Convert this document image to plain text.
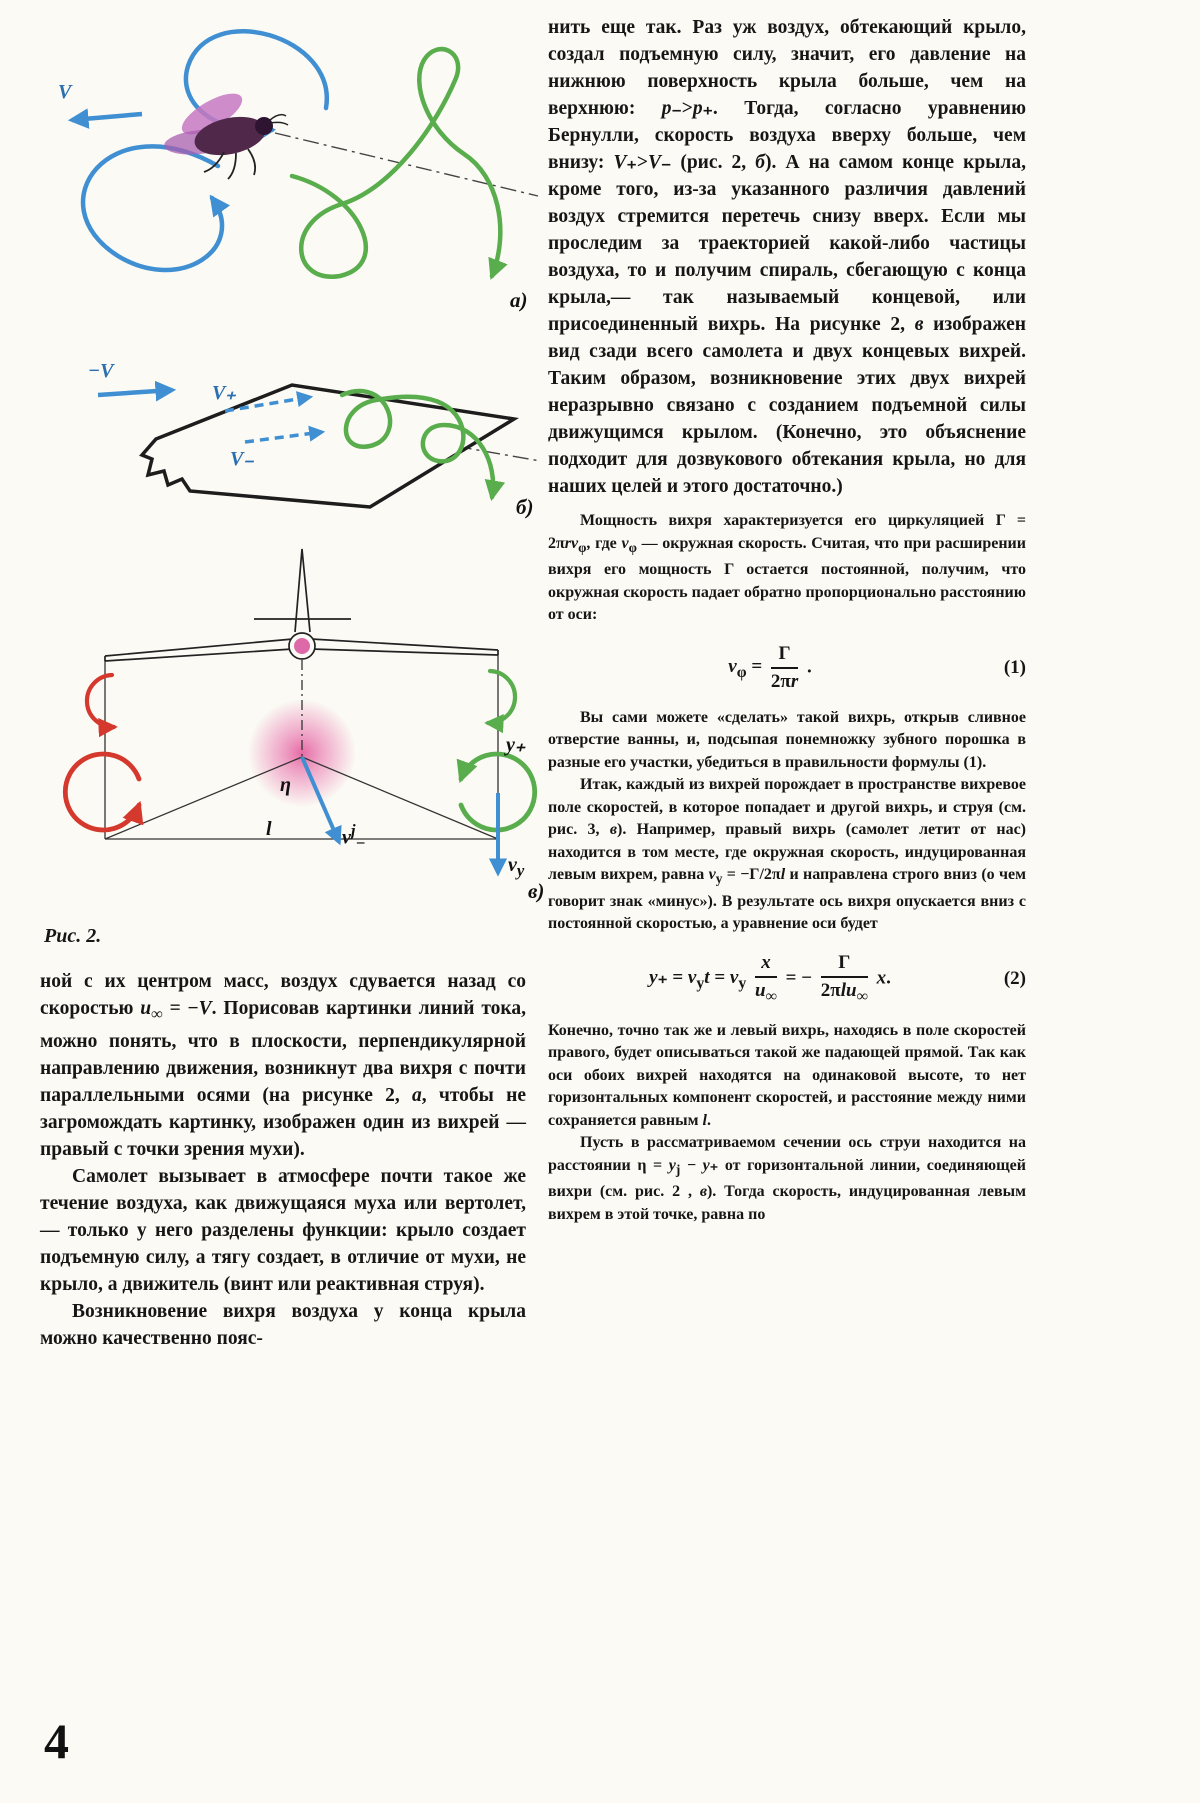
V
а)
−V
V₊
V₋
б)
y₊
η
l	$v^j_-$
$v_y$
в)
Рис. 2.

ной с их центром масс, воздух сдувается назад со скоростью $u_\infty = -V$. Порисовав картинки линий тока, можно понять, что в плоскости, перпендикулярной направлению движения, возникнут два вихря с почти параллельными осями (на рисунке 2, а, чтобы не загромождать картинку, изображен один из вихрей — правый с точки зрения мухи).

Самолет вызывает в атмосфере почти такое же течение воздуха, как движущаяся муха или вертолет,— только у него разделены функции: крыло создает подъемную силу, а тягу создает, в отличие от мухи, не крыло, а движитель (винт или реактивная струя).

Возникновение вихря воздуха у конца крыла можно качественно пояс-

нить еще так. Раз уж воздух, обтекающий крыло, создал подъемную силу, значит, его давление на нижнюю поверхность крыла больше, чем на верхнюю: p₋>p₊. Тогда, согласно уравнению Бернулли, скорость воздуха вверху больше, чем внизу: V₊>V₋ (рис. 2, б). А на самом конце крыла, кроме того, из-за указанного различия давлений воздух стремится перетечь снизу вверх. Если мы проследим за траекторией какой-либо частицы воздуха, то и получим спираль, сбегающую с конца крыла,— так называемый концевой, или присоединенный вихрь. На рисунке 2, в изображен вид сзади всего самолета и двух концевых вихрей. Таким образом, возникновение этих двух вихрей неразрывно связано с созданием подъемной силы движущимся крылом. (Конечно, это объяснение подходит для дозвукового обтекания крыла, но для наших целей и этого достаточно.)

Мощность вихря характеризуется его циркуляцией Γ = 2πrv$_\varphi$, где $v_\varphi$ — окружная скорость. Считая, что при расширении вихря его мощность Γ остается постоянной, получим, что окружная скорость падает обратно пропорционально расстоянию от оси:

$v_\varphi = \frac{\Gamma}{2\pi r}$ .	(1)

Вы сами можете «сделать» такой вихрь, открыв сливное отверстие ванны, и, подсыпая понемножку зубного порошка в разные его участки, убедиться в правильности формулы (1).

Итак, каждый из вихрей порождает в пространстве вихревое поле скоростей, в которое попадает и другой вихрь, и струя (см. рис. 3, в). Например, правый вихрь (самолет летит от нас) находится в том месте, где окружная скорость, индуцированная левым вихрем, равна $v_y = -\Gamma/2\pi l$ и направлена строго вниз (о чем говорит знак «минус»). В результате ось вихря опускается вниз с постоянной скоростью, а уравнение оси будет

$y_+ = v_yt = v_y \frac{x}{u_\infty}$ = − $\frac{\Gamma}{2\pi lu_\infty} x$.	(2)

Конечно, точно так же и левый вихрь, находясь в поле скоростей правого, будет описываться такой же падающей прямой. Так как оси обоих вихрей находятся на одинаковой высоте, то нет горизонтальных компонент скоростей, и расстояние между ними сохраняется равным l.

Пусть в рассматриваемом сечении ось струи находится на расстоянии $\eta = y_j - y_+$ от горизонтальной линии, соединяющей вихри (см. рис. 2 , в). Тогда скорость, индуцированная левым вихрем в этой точке, равна по

4
